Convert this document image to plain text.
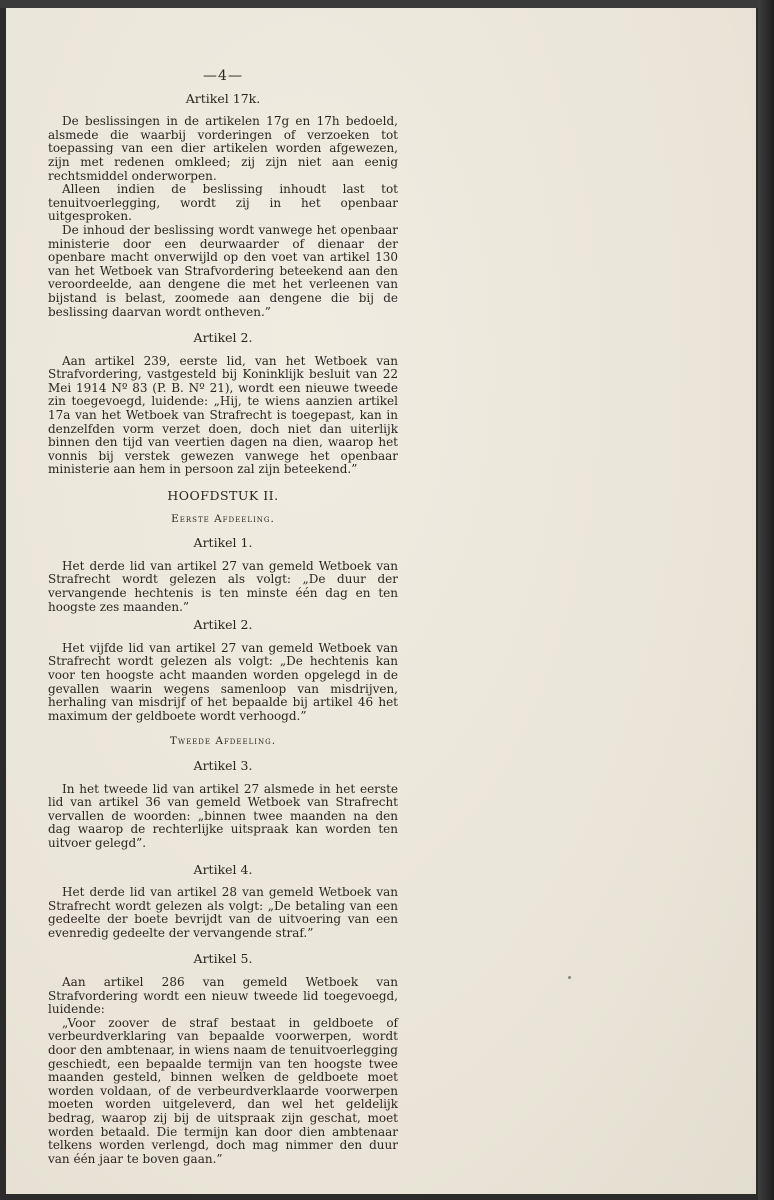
—4—
Artikel 17k.

De beslissingen in de artikelen 17g en 17h bedoeld, alsmede die waarbij vorderingen of verzoeken tot toepassing van een dier artikelen worden afgewezen, zijn met redenen omkleed; zij zijn niet aan eenig rechtsmiddel onderworpen.

Alleen indien de beslissing inhoudt last tot tenuitvoerlegging, wordt zij in het openbaar uitgesproken.

De inhoud der beslissing wordt vanwege het openbaar ministerie door een deurwaarder of dienaar der openbare macht onverwijld op den voet van artikel 130 van het Wetboek van Strafvordering beteekend aan den veroordeelde, aan dengene die met het verleenen van bijstand is belast, zoomede aan dengene die bij de beslissing daarvan wordt ontheven.”

Artikel 2.

Aan artikel 239, eerste lid, van het Wetboek van Strafvordering, vastgesteld bij Koninklijk besluit van 22 Mei 1914 Nº 83 (P. B. Nº 21), wordt een nieuwe tweede zin toegevoegd, luidende: „Hij, te wiens aanzien artikel 17a van het Wetboek van Strafrecht is toegepast, kan in denzelfden vorm verzet doen, doch niet dan uiterlijk binnen den tijd van veertien dagen na dien, waarop het vonnis bij verstek gewezen vanwege het openbaar ministerie aan hem in persoon zal zijn beteekend.”

HOOFDSTUK II.
Eerste Afdeeling.
Artikel 1.

Het derde lid van artikel 27 van gemeld Wetboek van Strafrecht wordt gelezen als volgt: „De duur der vervangende hechtenis is ten minste één dag en ten hoogste zes maanden.”

Artikel 2.

Het vijfde lid van artikel 27 van gemeld Wetboek van Strafrecht wordt gelezen als volgt: „De hechtenis kan voor ten hoogste acht maanden worden opgelegd in de gevallen waarin wegens samenloop van misdrijven, herhaling van misdrijf of het bepaalde bij artikel 46 het maximum der geldboete wordt verhoogd.”

Tweede Afdeeling.
Artikel 3.

In het tweede lid van artikel 27 alsmede in het eerste lid van artikel 36 van gemeld Wetboek van Strafrecht vervallen de woorden: „binnen twee maanden na den dag waarop de rechterlijke uitspraak kan worden ten uitvoer gelegd”.

Artikel 4.

Het derde lid van artikel 28 van gemeld Wetboek van Strafrecht wordt gelezen als volgt: „De betaling van een gedeelte der boete bevrijdt van de uitvoering van een evenredig gedeelte der vervangende straf.”

Artikel 5.

Aan artikel 286 van gemeld Wetboek van Strafvordering wordt een nieuw tweede lid toegevoegd, luidende:

„Voor zoover de straf bestaat in geldboete of verbeurdverklaring van bepaalde voorwerpen, wordt door den ambtenaar, in wiens naam de tenuitvoerlegging geschiedt, een bepaalde termijn van ten hoogste twee maanden gesteld, binnen welken de geldboete moet worden voldaan, of de verbeurdverklaarde voorwerpen moeten worden uitgeleverd, dan wel het geldelijk bedrag, waarop zij bij de uitspraak zijn geschat, moet worden betaald. Die termijn kan door dien ambtenaar telkens worden verlengd, doch mag nimmer den duur van één jaar te boven gaan.”
